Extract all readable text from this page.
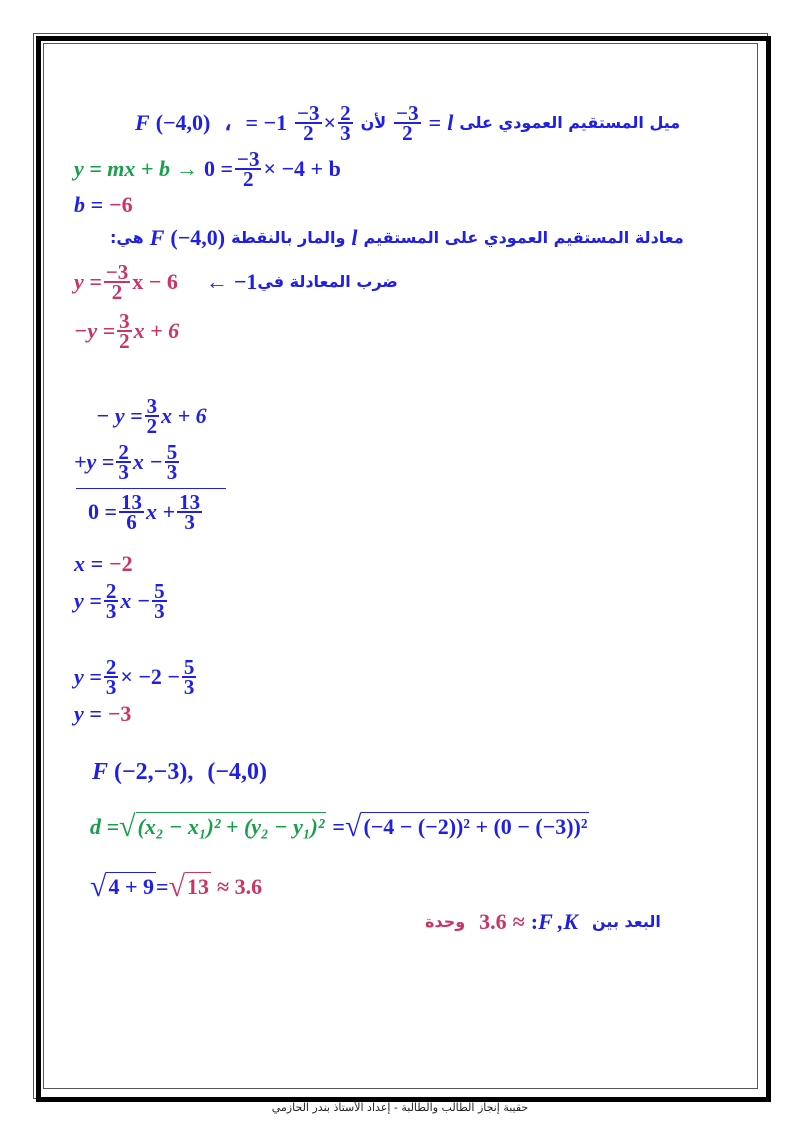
F (−4,0) ، = $-1 \frac{-3}{2} \times \frac{2}{3}$ لأن $\frac{-3}{2} = l$ ميل المستقيم العمودي على
y = mx + $b \to 0 = \frac{-3}{2} \times -4 + b$
b = −6
هي: F (−4,0) والمار بالنقطة l معادلة المستقيم العمودي على المستقيم
$y = \frac{-3}{2}$ x − 6 ← −1 ضرب المعادلة في
$-y = \frac{3}{2}$ x + 6
− $y = \frac{3}{2}$ x + 6
$+y = \frac{2}{3}$ $x - \frac{5}{3}$
$0 = \frac{13}{6}$ $x + \frac{13}{3}$
x = −2
$y = \frac{2}{3}$ $x - \frac{5}{3}$
$y = \frac{2}{3} \times -2 - \frac{5}{3}$
y = −3
F (−2,−3), (−4,0)
d = √ (x₂ − x₁)² + (y₂ − y₁)² = √ (−4 − (−2))² + (0 − (−3))²
√ 4 + 9 = √ 13 ≈ 3.6
وحدة 3.6 ≈ : F ,K البعد بين
حقيبة إنجاز الطالب والطالبة - إعداد الأستاذ بندر الحازمي
